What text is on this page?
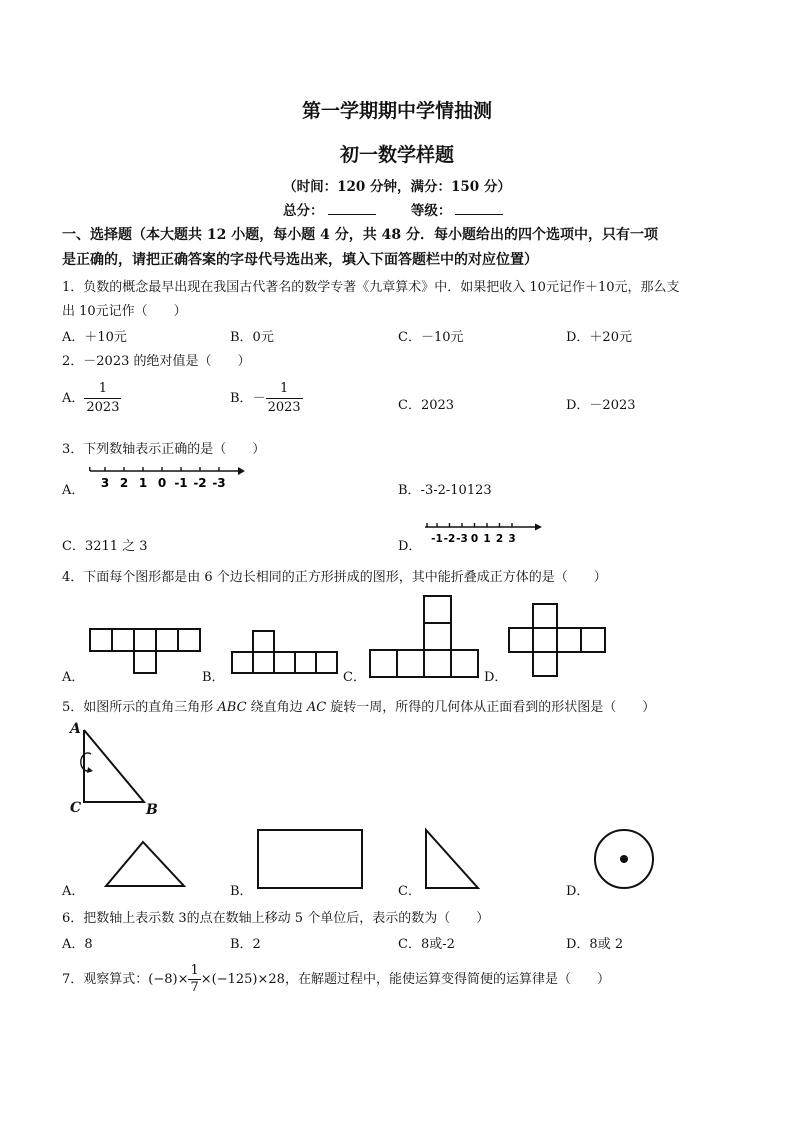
第一学期期中学情抽测
初一数学样题
（时间：120 分钟，满分：150 分）
总分：	等级：
一、选择题（本大题共 12 小题，每小题 4 分，共 48 分．每小题给出的四个选项中，只有一项
是正确的，请把正确答案的字母代号选出来，填入下面答题栏中的对应位置）
1．负数的概念最早出现在我国古代著名的数学专著《九章算术》中．如果把收入 10元记作＋10元，那么支
出 10元记作（　　）
A．＋10元	B．0元	C．－10元	D．＋20元
2．－2023 的绝对值是（　　）
A． $\frac{1}{2023}$	B．－ $\frac{1}{2023}$	C．2023	D．－2023
3．下列数轴表示正确的是（　　）
A． 3 2 1 0 -1 -2 -3	B．-3-2-10123
C．3211 之 3	D． -1 -2 -3 0 1 2 3
4．下面每个图形都是由 6 个边长相同的正方形拼成的图形，其中能折叠成正方体的是（　　）
A．	B．	C．	D．
5．如图所示的直角三角形 ABC 绕直角边 AC 旋转一周，所得的几何体从正面看到的形状图是（　　）
A
C	B
A．	B．	C．	D．
6．把数轴上表示数 3的点在数轴上移动 5 个单位后，表示的数为（　　）
A．8	B．2	C．8或-2	D．8或 2
7．观察算式：$(-8)\times \frac{1}{7} \times(-125)\times 28$，在解题过程中，能使运算变得简便的运算律是（　　）
